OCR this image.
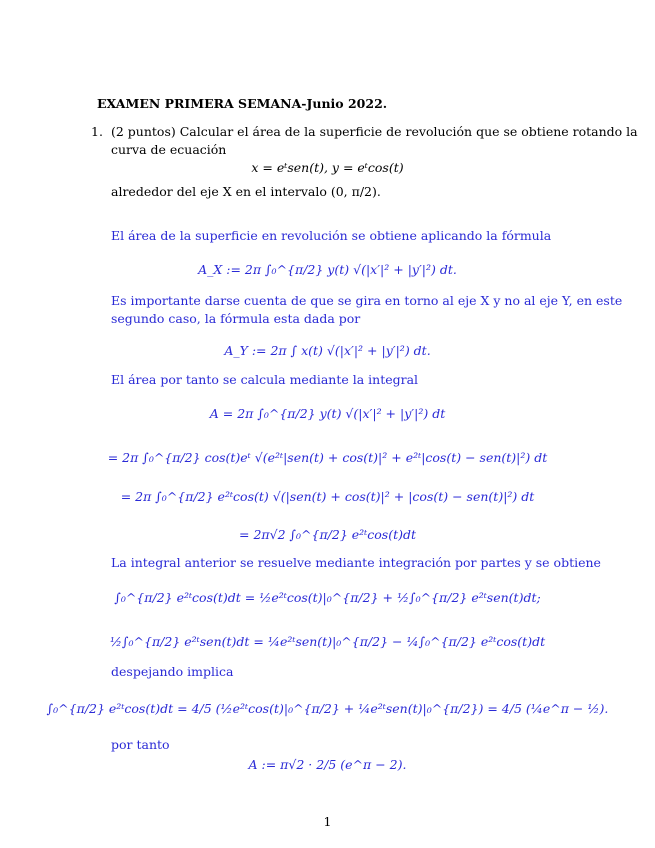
EXAMEN PRIMERA SEMANA-Junio 2022.
1. (2 puntos) Calcular el área de la superficie de revolución que se obtiene rotando la
curva de ecuación
x = eᵗsen(t), y = eᵗcos(t)
alrededor del eje X en el intervalo (0, π/2).
El área de la superficie en revolución se obtiene aplicando la fórmula
A_X := 2π ∫₀^{π/2} y(t) √(|x′|² + |y′|²) dt.
Es importante darse cuenta de que se gira en torno al eje X y no al eje Y, en este
segundo caso, la fórmula esta dada por
A_Y := 2π ∫ x(t) √(|x′|² + |y′|²) dt.
El área por tanto se calcula mediante la integral
A = 2π ∫₀^{π/2} y(t) √(|x′|² + |y′|²) dt
= 2π ∫₀^{π/2} cos(t)eᵗ √(e²ᵗ|sen(t) + cos(t)|² + e²ᵗ|cos(t) − sen(t)|²) dt
= 2π ∫₀^{π/2} e²ᵗcos(t) √(|sen(t) + cos(t)|² + |cos(t) − sen(t)|²) dt
= 2π√2 ∫₀^{π/2} e²ᵗcos(t)dt
La integral anterior se resuelve mediante integración por partes y se obtiene
∫₀^{π/2} e²ᵗcos(t)dt = ½e²ᵗcos(t)|₀^{π/2} + ½∫₀^{π/2} e²ᵗsen(t)dt;
½∫₀^{π/2} e²ᵗsen(t)dt = ¼e²ᵗsen(t)|₀^{π/2} − ¼∫₀^{π/2} e²ᵗcos(t)dt
despejando implica
∫₀^{π/2} e²ᵗcos(t)dt = 4/5 (½e²ᵗcos(t)|₀^{π/2} + ¼e²ᵗsen(t)|₀^{π/2}) = 4/5 (¼e^π − ½).
por tanto
A := π√2 · 2/5 (e^π − 2).
1
